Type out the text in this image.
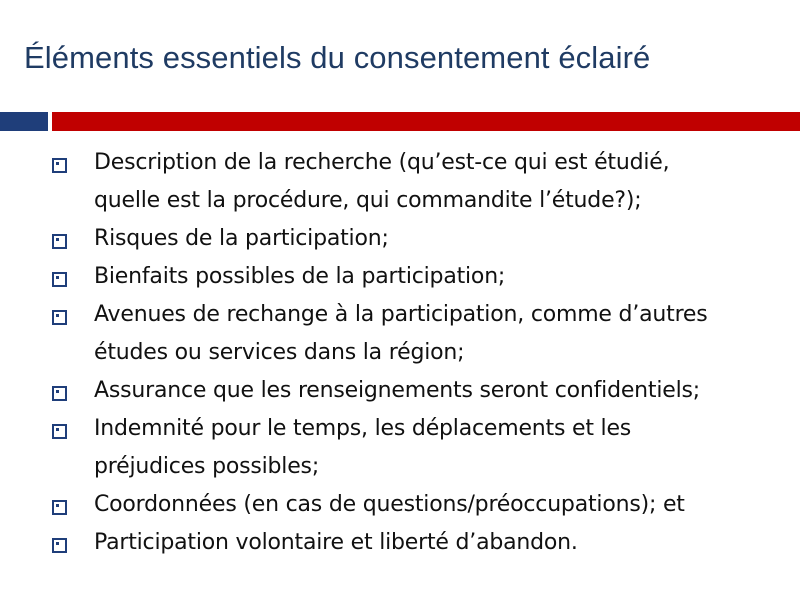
Éléments essentiels du consentement éclairé
Description de la recherche (qu’est-ce qui est étudié,
quelle est la procédure, qui commandite l’étude?);
Risques de la participation;
Bienfaits possibles de la participation;
Avenues de rechange à la participation, comme d’autres
études ou services dans la région;
Assurance que les renseignements seront confidentiels;
Indemnité pour le temps, les déplacements et les
préjudices possibles;
Coordonnées (en cas de questions/préoccupations); et
Participation volontaire et liberté d’abandon.
